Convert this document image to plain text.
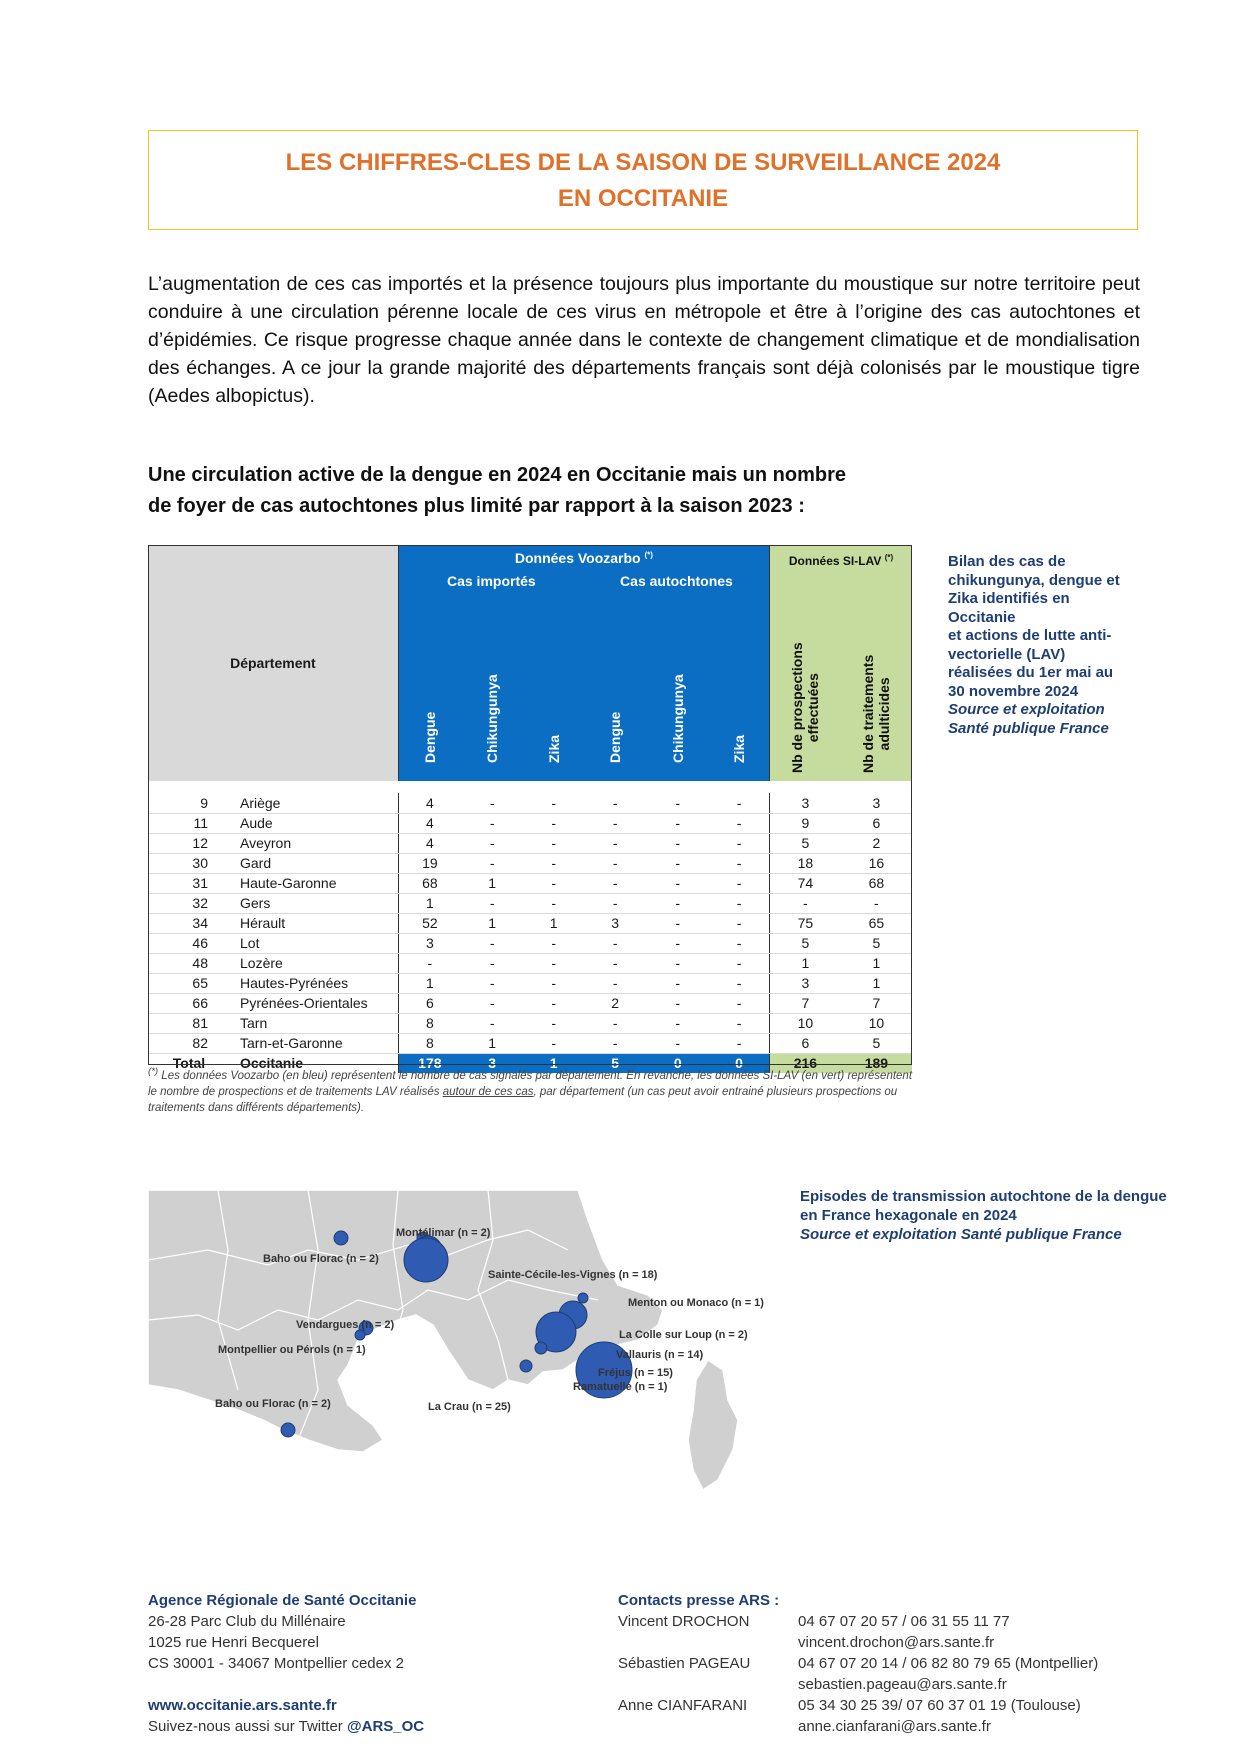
LES CHIFFRES-CLES DE LA SAISON DE SURVEILLANCE 2024
EN OCCITANIE

L’augmentation de ces cas importés et la présence toujours plus importante du moustique sur notre territoire peut conduire à une circulation pérenne locale de ces virus en métropole et être à l’origine des cas autochtones et d’épidémies. Ce risque progresse chaque année dans le contexte de changement climatique et de mondialisation des échanges. A ce jour la grande majorité des départements français sont déjà colonisés par le moustique tigre (Aedes albopictus).

Une circulation active de la dengue en 2024 en Occitanie mais un nombre
de foyer de cas autochtones plus limité par rapport à la saison 2023 :
Département		Données Voozarbo (*)						Données SI-LAV (*)
		Cas importés			Cas autochtones				

		Dengue	Chikungunya	Zika	Dengue	Chikungunya	Zika	Nb de prospections effectuées	Nb de traitements adulticides

9	Ariège	4	-	-	-	-	-	3	3
11	Aude	4	-	-	-	-	-	9	6
12	Aveyron	4	-	-	-	-	-	5	2
30	Gard	19	-	-	-	-	-	18	16
31	Haute-Garonne	68	1	-	-	-	-	74	68
32	Gers	1	-	-	-	-	-	-	-
34	Hérault	52	1	1	3	-	-	75	65
46	Lot	3	-	-	-	-	-	5	5
48	Lozère	-	-	-	-	-	-	1	1
65	Hautes-Pyrénées	1	-	-	-	-	-	3	1
66	Pyrénées-Orientales	6	-	-	2	-	-	7	7
81	Tarn	8	-	-	-	-	-	10	10
82	Tarn-et-Garonne	8	1	-	-	-	-	6	5
Total	Occitanie	178	3	1	5	0	0	216	189

(*) Les données Voozarbo (en bleu) représentent le nombre de cas signalés par département. En revanche, les données SI-LAV (en vert) représentent le nombre de prospections et de traitements LAV réalisés autour de ces cas, par département (un cas peut avoir entrainé plusieurs prospections ou traitements dans différents départements).

Bilan des cas de
chikungunya, dengue et
Zika identifiés en
Occitanie
et actions de lutte anti-
vectorielle (LAV)
réalisées du 1er mai au
30 novembre 2024
Source et exploitation
Santé publique France
Montélimar (n = 2)
Baho ou Florac (n = 2)
Sainte-Cécile-les-Vignes (n = 18)
Menton ou Monaco (n = 1)
Vendargues (n = 2)
La Colle sur Loup (n = 2)
Montpellier ou Pérols (n = 1)	Vallauris (n = 14)
Fréjus (n = 15)
Ramatuelle (n = 1)
Baho ou Florac (n = 2)	La Crau (n = 25)
Episodes de transmission autochtone de la dengue
en France hexagonale en 2024
Source et exploitation Santé publique France
Agence Régionale de Santé Occitanie
26-28 Parc Club du Millénaire
1025 rue Henri Becquerel
CS 30001 - 34067 Montpellier cedex 2
www.occitanie.ars.sante.fr
Suivez-nous aussi sur Twitter @ARS_OC
Contacts presse ARS :
Vincent DROCHON	04 67 07 20 57 / 06 31 55 11 77
vincent.drochon@ars.sante.fr
Sébastien PAGEAU	04 67 07 20 14 / 06 82 80 79 65 (Montpellier)
sebastien.pageau@ars.sante.fr
Anne CIANFARANI	05 34 30 25 39/ 07 60 37 01 19 (Toulouse)
anne.cianfarani@ars.sante.fr
